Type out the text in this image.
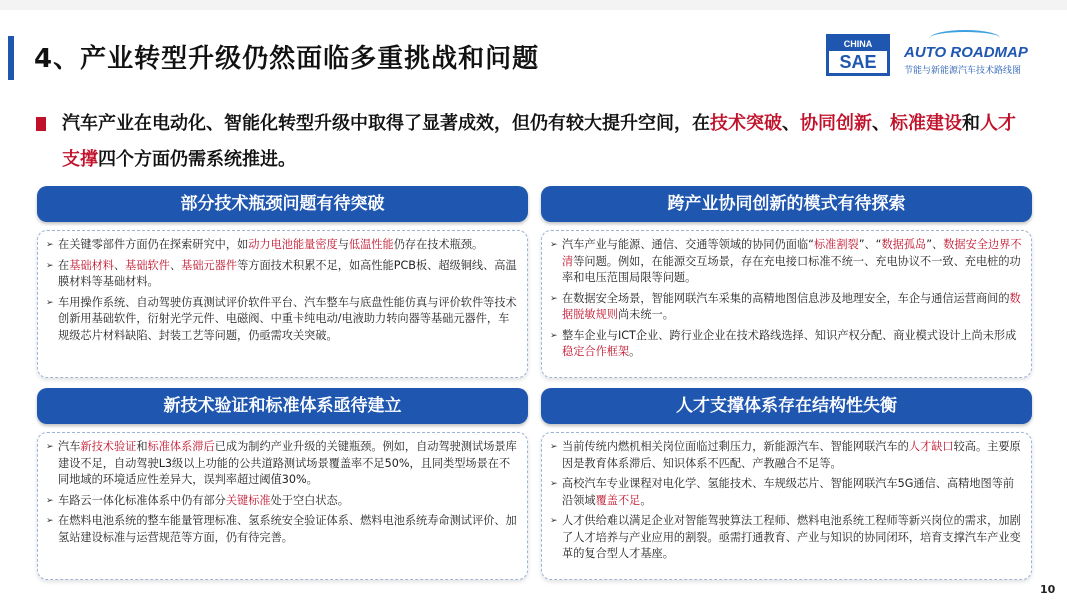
4、产业转型升级仍然面临多重挑战和问题	CHINA
SAE	AUTO ROADMAP
节能与新能源汽车技术路线图
汽车产业在电动化、智能化转型升级中取得了显著成效，但仍有较大提升空间，在技术突破、协同创新、标准建设和人才支撑四个方面仍需系统推进。
部分技术瓶颈问题有待突破
➢ 在关键零部件方面仍在探索研究中，如动力电池能量密度与低温性能仍存在技术瓶颈。
➢ 在基础材料、基础软件、基础元器件等方面技术积累不足，如高性能PCB板、超级铜线、高温膜材料等基础材料。
➢ 车用操作系统、自动驾驶仿真测试评价软件平台、汽车整车与底盘性能仿真与评价软件等技术创新用基础软件，衍射光学元件、电磁阀、中重卡纯电动/电液助力转向器等基础元器件，车规级芯片材料缺陷、封装工艺等问题，仍亟需攻关突破。
跨产业协同创新的模式有待探索
➢ 汽车产业与能源、通信、交通等领域的协同仍面临“标准割裂”、“数据孤岛”、数据安全边界不清等问题。例如，在能源交互场景，存在充电接口标准不统一、充电协议不一致、充电桩的功率和电压范围局限等问题。
➢ 在数据安全场景，智能网联汽车采集的高精地图信息涉及地理安全，车企与通信运营商间的数据脱敏规则尚未统一。
➢ 整车企业与ICT企业、跨行业企业在技术路线选择、知识产权分配、商业模式设计上尚未形成稳定合作框架。
新技术验证和标准体系亟待建立
➢ 汽车新技术验证和标准体系滞后已成为制约产业升级的关键瓶颈。例如，自动驾驶测试场景库建设不足，自动驾驶L3级以上功能的公共道路测试场景覆盖率不足50%，且同类型场景在不同地域的环境适应性差异大，误判率超过阈值30%。
➢ 车路云一体化标准体系中仍有部分关键标准处于空白状态。
➢ 在燃料电池系统的整车能量管理标准、氢系统安全验证体系、燃料电池系统寿命测试评价、加氢站建设标准与运营规范等方面，仍有待完善。
人才支撑体系存在结构性失衡
➢ 当前传统内燃机相关岗位面临过剩压力，新能源汽车、智能网联汽车的人才缺口较高。主要原因是教育体系滞后、知识体系不匹配、产教融合不足等。
➢ 高校汽车专业课程对电化学、氢能技术、车规级芯片、智能网联汽车5G通信、高精地图等前沿领域覆盖不足。
➢ 人才供给难以满足企业对智能驾驶算法工程师、燃料电池系统工程师等新兴岗位的需求，加剧了人才培养与产业应用的割裂。亟需打通教育、产业与知识的协同闭环，培育支撑汽车产业变革的复合型人才基座。
10
